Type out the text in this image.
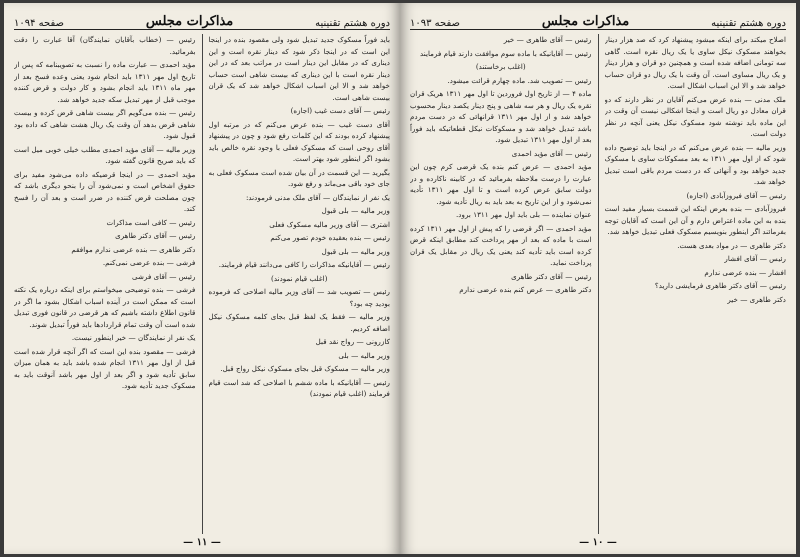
دوره هشتم تقنینیه
مذاکرات مجلس
صفحه ۱۰۹۴

باید فوراً مسکوک جدید تبدیل شود ولی مقصود بنده در اینجا این است که در اینجا ذکر شود که دینار نقره است و این دیناری که در مقابل این دینار است در مراتب بعد که در این دینار نقره است با این دیناری که بیست شاهی است حساب خواهد شد و الا این اسباب اشکال خواهد شد که یک قران بیست شاهی است.

رئیس — آقای دست غیب (اجازه)

آقای دست غیب — بنده عرض می‌کنم که در مرتبه اول پیشنهاد کرده بودند که این کلمات رفع شود و چون در پیشنهاد آقای روحی است که مسکوک فعلی با وجود نقره خالص باید بشود اگر اینطور شود بهتر است.

بگیرید — این قسمت در آن بیان شده است مسکوک فعلی به جای خود باقی می‌ماند و رفع شود.

یک نفر از نمایندگان — آقای ملک مدنی فرمودند:

وزیر مالیه — بلی قبول

اشتری — آقای وزیر مالیه مسکوک فعلی

رئیس — بنده بعقیده خودم تصور می‌کنم

وزیر مالیه — بلی قبول

رئیس — آقایانیکه مذاکرات را کافی می‌دانند قیام فرمایند.

(اغلب قیام نمودند)

رئیس — تصویب شد — آقای وزیر مالیه اصلاحی که فرموده بودید چه بود؟

وزیر مالیه — فقط یک لفظ قبل بجای کلمه مسکوک نیکل اضافه کردیم.

کازرونی — رواج نقد قبل

وزیر مالیه — بلی

وزیر مالیه — مسکوک قبل بجای مسکوک نیکل رواج قبل.

رئیس — آقایانیکه با ماده ششم با اصلاحی که شد است قیام فرمایند (اغلب قیام نمودند)

رئیس — (خطاب بآقایان نمایندگان) آقا عبارت را دقت بفرمائید.

مؤید احمدی — عبارت ماده را نسبت به تصویبنامه که پس از تاریخ اول مهر ۱۳۱۱ باید انجام شود یعنی وعده فسخ بعد از مهر ماه ۱۳۱۱ باید انجام بشود و کار دولت و قرض کننده موجب قبل از مهر تبدیل سکه جدید خواهد شد.

رئیس — بنده می‌گویم اگر بیست شاهی قرض کرده و بیست شاهی قرض بدهد آن وقت یک ریال هشت شاهی که داده بود قبول شود.

وزیر مالیه — آقای مؤید احمدی مطلب خیلی خوبی میل است که باید صریح قانون گفته شود.

مؤید احمدی — در اینجا قرضیکه داده می‌شود مفید برای حقوق اشخاص است و نمی‌شود آن را بنحو دیگری باشد که چون مصلحت قرض کننده در ضرر است و بعد آن را فسخ کند.

رئیس — کافی است مذاکرات

رئیس — آقای دکتر طاهری

دکتر طاهری — بنده عرضی ندارم موافقم

فرشی — بنده عرضی نمی‌کنم.

رئیس — آقای فرشی

فرشی — بنده توضیحی میخواستم برای اینکه درباره یک نکته است که ممکن است در آینده اسباب اشکال بشود ما اگر در قانون اطلاع داشته باشیم که هر قرضی در قانون فوری تبدیل شده است آن وقت تمام قراردادها باید فوراً تبدیل شوند.

یک نفر از نمایندگان — خیر اینطور نیست.

فرشی — مقصود بنده این است که اگر آنچه قرار شده است قبل از اول مهر ۱۳۱۱ انجام شده باشد باید به همان میزان سابق تأدیه شود و اگر بعد از اول مهر باشد آنوقت باید به مسکوک جدید تأدیه شود.

— ۱۱ —
دوره هشتم تقنینیه
مذاکرات مجلس
صفحه ۱۰۹۳

اصلاح میکند برای اینکه میشود پیشنهاد کرد که صد هزار دینار بخواهند مسکوک نیکل ساوی یا یک ریال نقره است. گاهی سه تومانی اضافه شده است و همچنین دو قران و هزار دینار و یک ریال مساوی است. آن وقت با یک ریال دو قران حساب خواهد شد و الا این اسباب اشکال است.

ملک مدنی — بنده عرض می‌کنم آقایان در نظر دارند که دو قران معادل دو ریال است و اینجا اشکالی نیست آن وقت در این ماده باید نوشته شود مسکوک نیکل یعنی آنچه در نظر دولت است.

وزیر مالیه — بنده عرض می‌کنم که در اینجا باید توضیح داده شود که از اول مهر ۱۳۱۱ به بعد مسکوکات ساوی با مسکوک جدید خواهد بود و آنهائی که در دست مردم باقی است تبدیل خواهد شد.

رئیس — آقای فیروزآبادی (اجازه)

فیروزآبادی — بنده بعرض اینکه این قسمت بسیار مفید است بنده به این ماده اعتراض دارم و آن این است که آقایان توجه بفرمائند اگر اینطور بنویسیم مسکوک فعلی تبدیل خواهد شد.

دکتر طاهری — در مواد بعدی هست.

رئیس — آقای افشار

افشار — بنده عرضی ندارم

رئیس — آقای دکتر طاهری فرمایشی دارید؟

دکتر طاهری — خیر

رئیس — آقای طاهری — خیر

رئیس — آقایانیکه با ماده سوم موافقت دارند قیام فرمایند

(اغلب برخاستند)

رئیس — تصویب شد. ماده چهارم قرائت میشود.

ماده ۴ — از تاریخ اول فروردین تا اول مهر ۱۳۱۱ هریک قران نقره یک ریال و هر سه شاهی و پنج دینار یکصد دینار محسوب خواهد شد و از اول مهر ۱۳۱۱ قرانهائی که در دست مردم باشد تبدیل خواهد شد و مسکوکات نیکل قطعاتیکه باید فوراً بعد از اول مهر ۱۳۱۱ تبدیل شود.

رئیس — آقای مؤید احمدی

مؤید احمدی — عرض کنم بنده یک قرضی کرم چون این عبارت را درست ملاحظه بفرمائید که در کابینه ناکارده و در دولت سابق عرض کرده است و تا اول مهر ۱۳۱۱ تأدیه نمی‌شود و از این تاریخ به بعد باید به ریال تأدیه شود.

عنوان نماینده — بلی باید اول مهر ۱۳۱۱ برود.

مؤید احمدی — اگر قرضی را که پیش از اول مهر ۱۳۱۱ کرده است با ماده که بعد از مهر پرداخت کند مطابق اینکه قرض کرده است باید تأدیه کند یعنی یک ریال در مقابل یک قران پرداخت نماید.

رئیس — آقای دکتر طاهری

دکتر طاهری — عرض کنم بنده عرضی ندارم

— ۱۰ —
